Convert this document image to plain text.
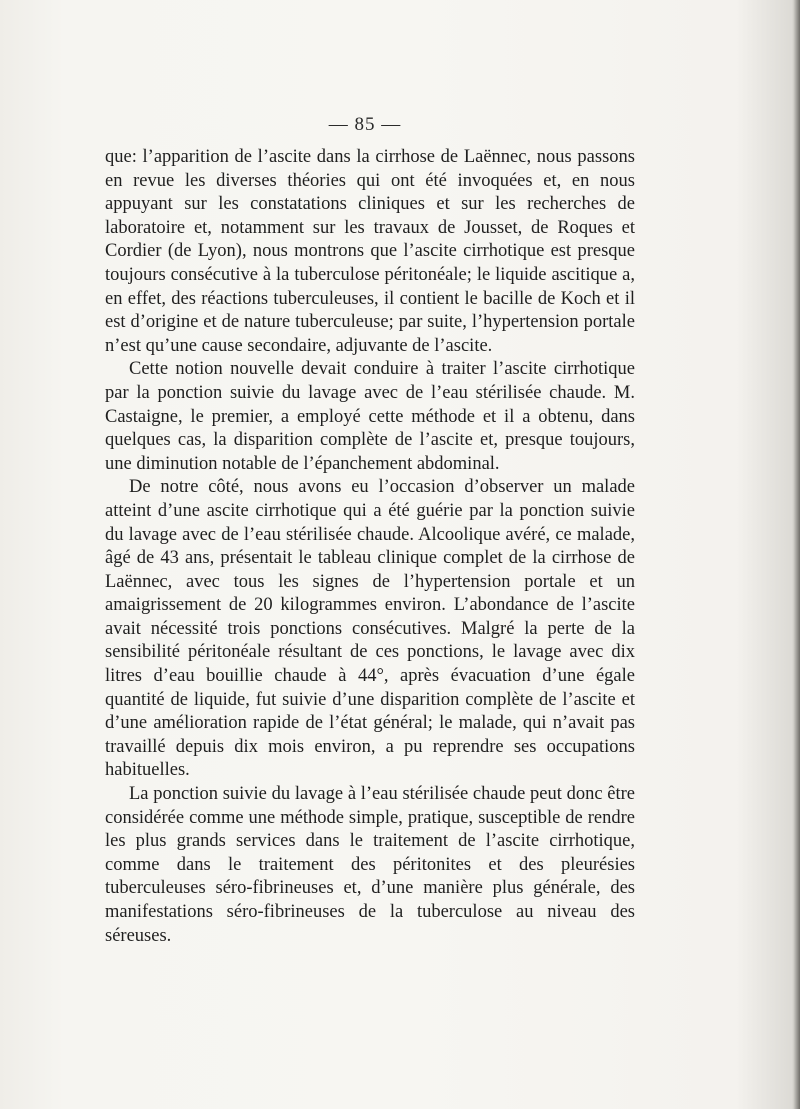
— 85 —

que: l’apparition de l’ascite dans la cirrhose de Laënnec, nous passons en revue les diverses théories qui ont été invoquées et, en nous appuyant sur les constatations cliniques et sur les recherches de laboratoire et, notamment sur les travaux de Jousset, de Roques et Cordier (de Lyon), nous montrons que l’ascite cirrhotique est presque toujours consécutive à la tuberculose péritonéale; le liquide ascitique a, en effet, des réactions tuberculeuses, il contient le bacille de Koch et il est d’origine et de nature tuberculeuse; par suite, l’hypertension portale n’est qu’une cause secondaire, adjuvante de l’ascite.

Cette notion nouvelle devait conduire à traiter l’ascite cirrhotique par la ponction suivie du lavage avec de l’eau stérilisée chaude. M. Castaigne, le premier, a employé cette méthode et il a obtenu, dans quelques cas, la disparition complète de l’ascite et, presque toujours, une diminution notable de l’épanchement abdominal.

De notre côté, nous avons eu l’occasion d’observer un malade atteint d’une ascite cirrhotique qui a été guérie par la ponction suivie du lavage avec de l’eau stérilisée chaude. Alcoolique avéré, ce malade, âgé de 43 ans, présentait le tableau clinique complet de la cirrhose de Laënnec, avec tous les signes de l’hypertension portale et un amaigrissement de 20 kilogrammes environ. L’abondance de l’ascite avait nécessité trois ponctions consécutives. Malgré la perte de la sensibilité péritonéale résultant de ces ponctions, le lavage avec dix litres d’eau bouillie chaude à 44°, après évacuation d’une égale quantité de liquide, fut suivie d’une disparition complète de l’ascite et d’une amélioration rapide de l’état général; le malade, qui n’avait pas travaillé depuis dix mois environ, a pu reprendre ses occupations habituelles.

La ponction suivie du lavage à l’eau stérilisée chaude peut donc être considérée comme une méthode simple, pratique, susceptible de rendre les plus grands services dans le traitement de l’ascite cirrhotique, comme dans le traitement des péritonites et des pleurésies tuberculeuses séro-fibrineuses et, d’une manière plus générale, des manifestations séro-fibrineuses de la tuberculose au niveau des séreuses.
